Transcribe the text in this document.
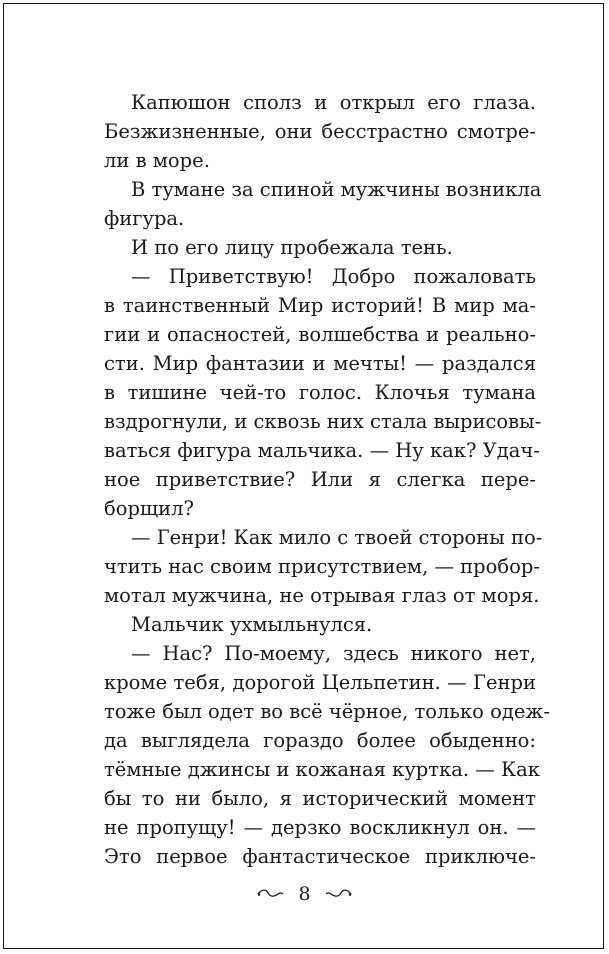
Капюшон сполз и открыл его глаза.
Безжизненные, они бесстрастно смотре-
ли в море.
В тумане за спиной мужчины возникла
фигура.
И по его лицу пробежала тень.
— Приветствую! Добро пожаловать
в таинственный Мир историй! В мир ма-
гии и опасностей, волшебства и реально-
сти. Мир фантазии и мечты! — раздался
в тишине чей-то голос. Клочья тумана
вздрогнули, и сквозь них стала вырисовы-
ваться фигура мальчика. — Ну как? Удач-
ное приветствие? Или я слегка пере-
борщил?
— Генри! Как мило с твоей стороны по-
чтить нас своим присутствием, — пробор-
мотал мужчина, не отрывая глаз от моря.
Мальчик ухмыльнулся.
— Нас? По-моему, здесь никого нет,
кроме тебя, дорогой Цельпетин. — Генри
тоже был одет во всё чёрное, только одеж-
да выглядела гораздо более обыденно:
тёмные джинсы и кожаная куртка. — Как
бы то ни было, я исторический момент
не пропущу! — дерзко воскликнул он. —
Это первое фантастическое приключе-
8
